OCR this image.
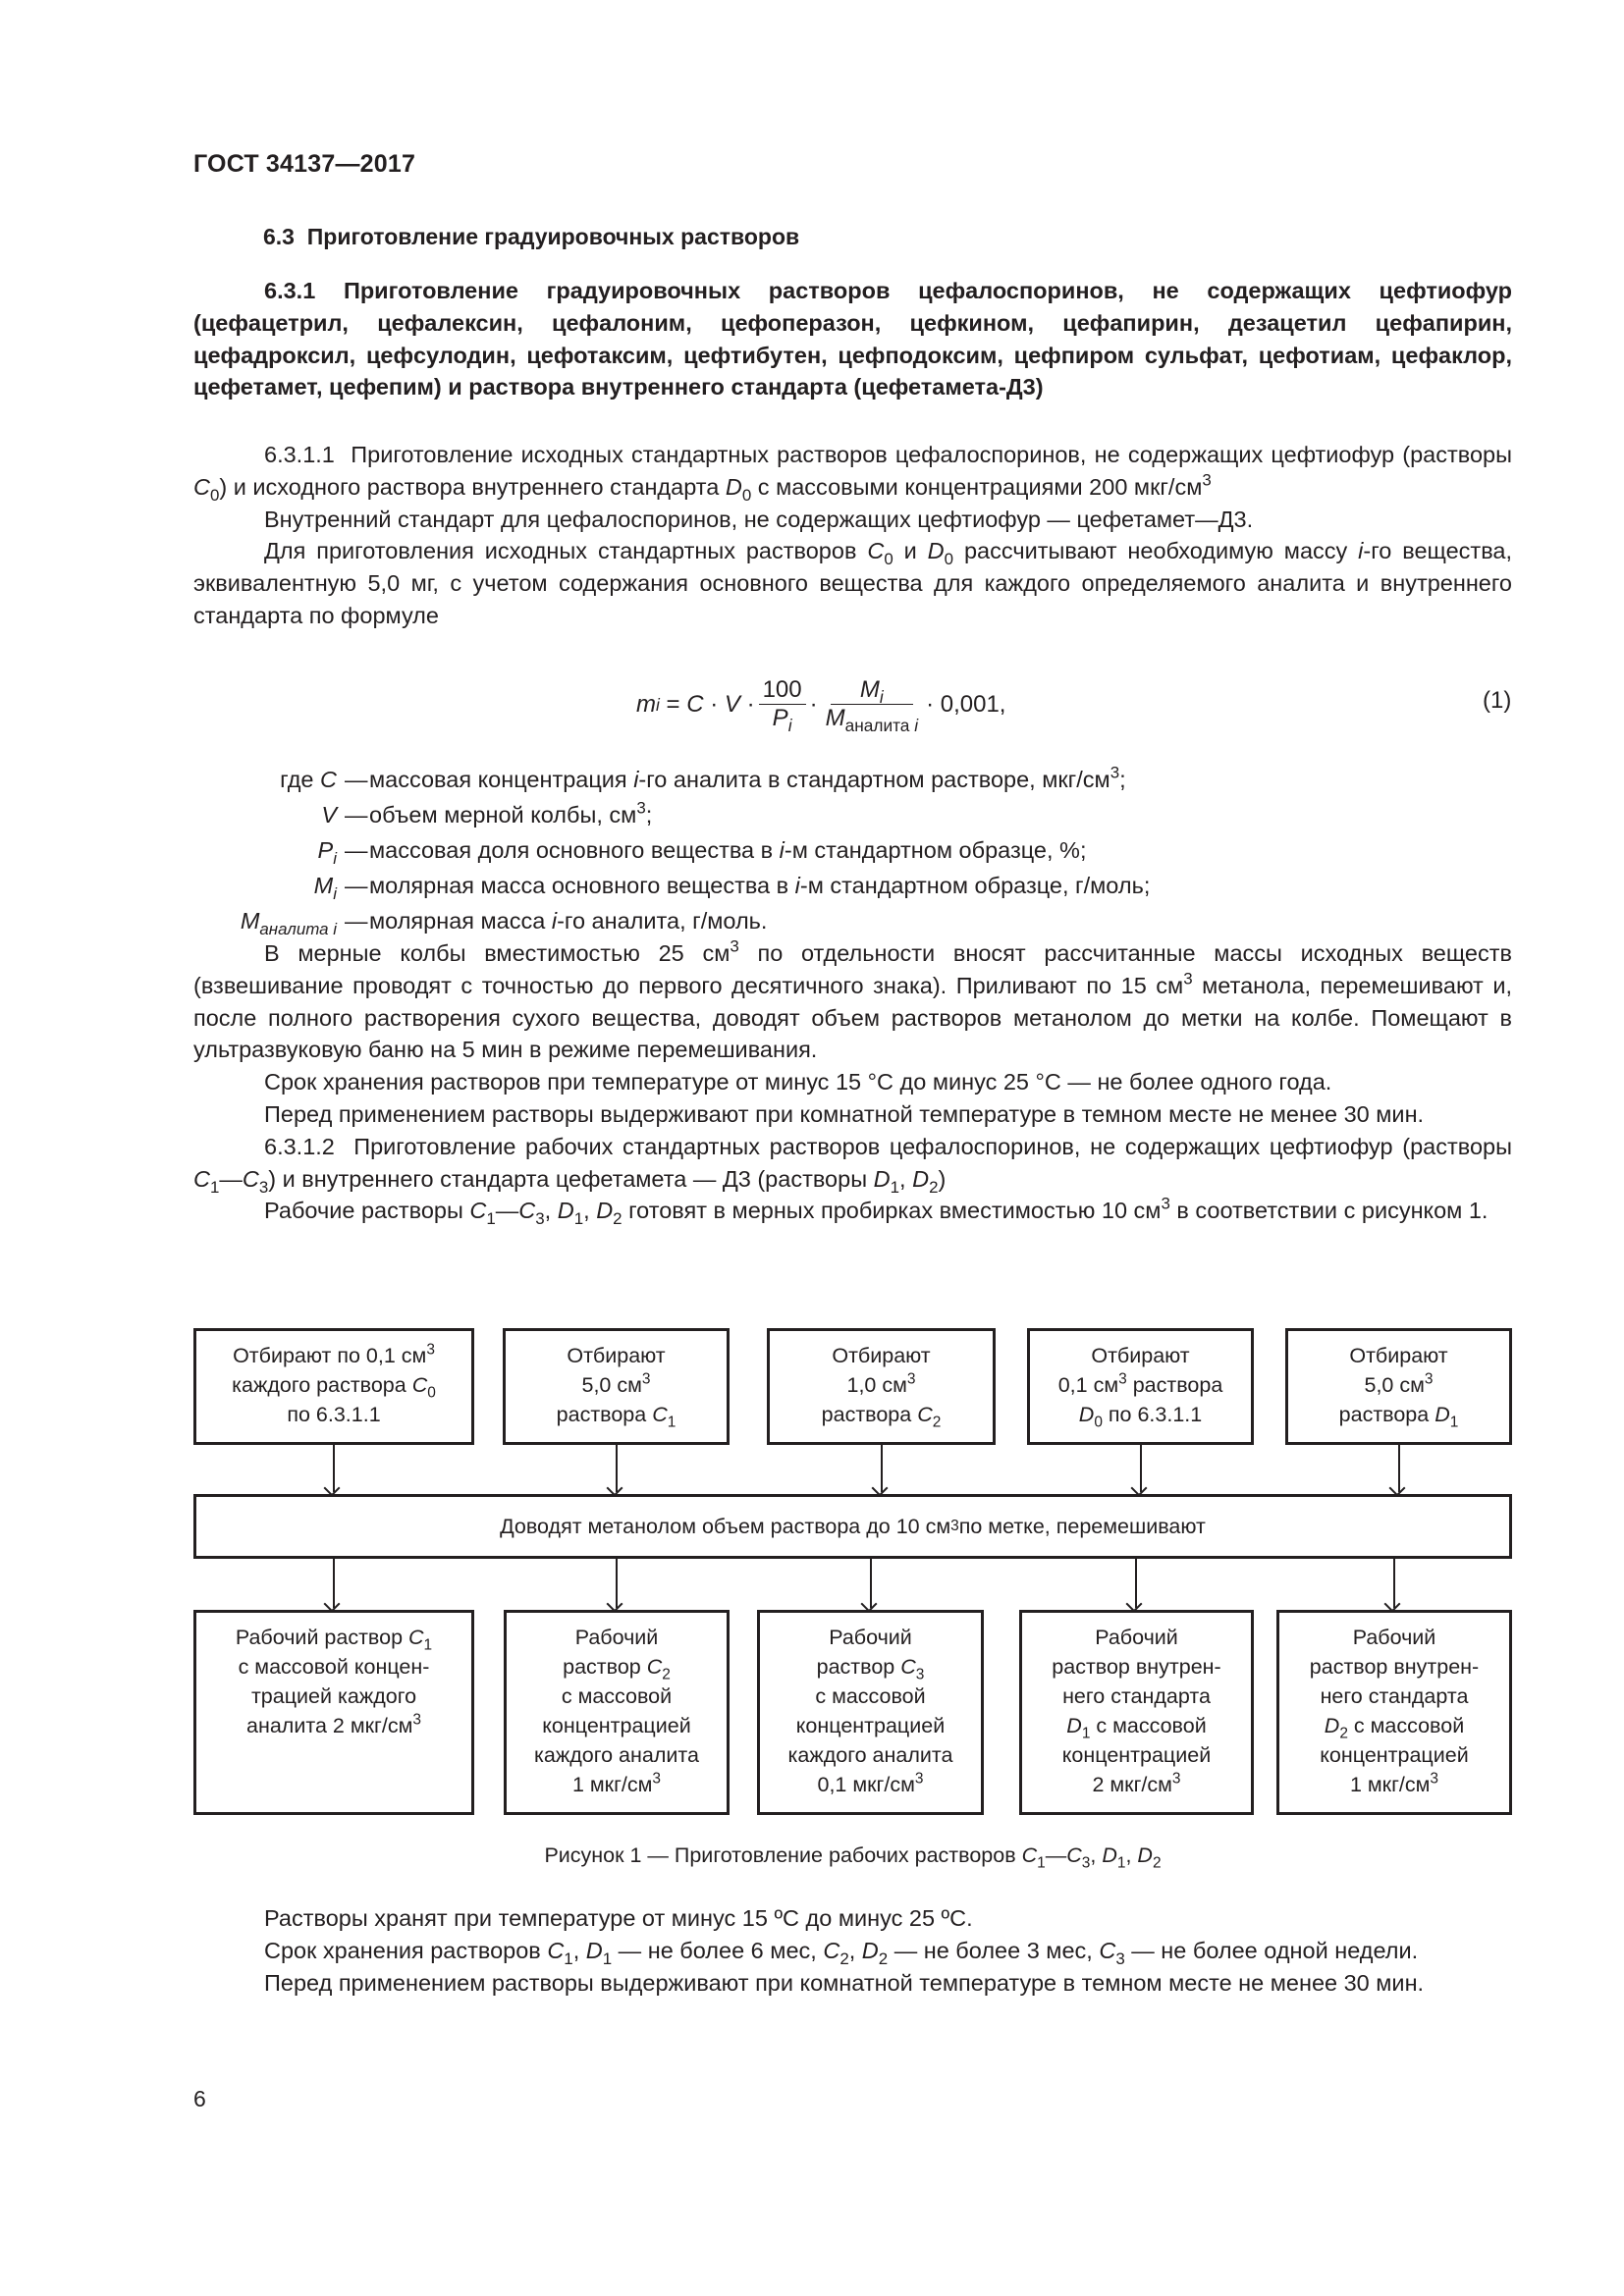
ГОСТ 34137—2017
6.3 Приготовление градуировочных растворов

6.3.1 Приготовление градуировочных растворов цефалоспоринов, не содержащих цефтиофур (цефацетрил, цефалексин, цефалоним, цефоперазон, цефкином, цефапирин, дезацетил цефапирин, цефадроксил, цефсулодин, цефотаксим, цефтибутен, цефподоксим, цефпиром сульфат, цефотиам, цефаклор, цефетамет, цефепим) и раствора внутреннего стандарта (цефетамета-Д3)

6.3.1.1 Приготовление исходных стандартных растворов цефалоспоринов, не содержащих цефтиофур (растворы $C_0$) и исходного раствора внутреннего стандарта $D_0$ с массовыми концентрациями 200 мкг/$см^3$

Внутренний стандарт для цефалоспоринов, не содержащих цефтиофур — цефетамет—Д3.

Для приготовления исходных стандартных растворов $C_0$ и $D_0$ рассчитывают необходимую массу i-го вещества, эквивалентную 5,0 мг, с учетом содержания основного вещества для каждого определяемого аналита и внутреннего стандарта по формуле

m i
=
C
·
V
· $\frac{100}{P_i} \cdot \frac{M_i}{M_{аналита i}}$ ·
0,001,	(1)
где C — массовая концентрация i-го аналита в стандартном растворе, мкг/$см^3$;
V — объем мерной колбы, $см^3$;
$P_i$ — массовая доля основного вещества в i-м стандартном образце, %;
$M_i$ — молярная масса основного вещества в i-м стандартном образце, г/моль;
$M_{аналита i}$ — молярная масса i-го аналита, г/моль.

В мерные колбы вместимостью 25 $см^3$ по отдельности вносят рассчитанные массы исходных веществ (взвешивание проводят с точностью до первого десятичного знака). Приливают по 15 $см^3$ метанола, перемешивают и, после полного растворения сухого вещества, доводят объем растворов метанолом до метки на колбе. Помещают в ультразвуковую баню на 5 мин в режиме перемешивания.

Срок хранения растворов при температуре от минус 15 °С до минус 25 °С — не более одного года.

Перед применением растворы выдерживают при комнатной температуре в темном месте не менее 30 мин.

6.3.1.2 Приготовление рабочих стандартных растворов цефалоспоринов, не содержащих цефтиофур (растворы $C_1—C_3$) и внутреннего стандарта цефетамета — Д3 (растворы $D_1$, $D_2$)

Рабочие растворы $C_1—C_3$, $D_1$, $D_2$ готовят в мерных пробирках вместимостью 10 $см^3$ в соответствии с рисунком 1.

Отбирают по 0,1 $см^3$
каждого раствора $C_0$
по 6.3.1.1
Отбирают
5,0 $см^3$
раствора $C_1$
Отбирают
1,0 $см^3$
раствора $C_2$
Отбирают
0,1 $см^3$ раствора
$D_0$ по 6.3.1.1
Отбирают
5,0 $см^3$
раствора $D_1$
Доводят метанолом объем раствора до 10 см 3 по метке, перемешивают
Рабочий раствор $C_1$
с массовой концен-
трацией каждого
аналита 2 мкг/$см^3$
Рабочий
раствор $C_2$
с массовой
концентрацией
каждого аналита
1 мкг/$см^3$
Рабочий
раствор $C_3$
с массовой
концентрацией
каждого аналита
0,1 мкг/$см^3$
Рабочий
раствор внутрен-
него стандарта
$D_1$ с массовой
концентрацией
2 мкг/$см^3$
Рабочий
раствор внутрен-
него стандарта
$D_2$ с массовой
концентрацией
1 мкг/$см^3$
Рисунок 1 — Приготовление рабочих растворов $C_1—C_3$, $D_1$, $D_2$

Растворы хранят при температуре от минус 15 ºС до минус 25 ºС.

Срок хранения растворов $C_1$, $D_1$ — не более 6 мес, $C_2$, $D_2$ — не более 3 мес, $C_3$ — не более одной недели.

Перед применением растворы выдерживают при комнатной температуре в темном месте не менее 30 мин.

6
